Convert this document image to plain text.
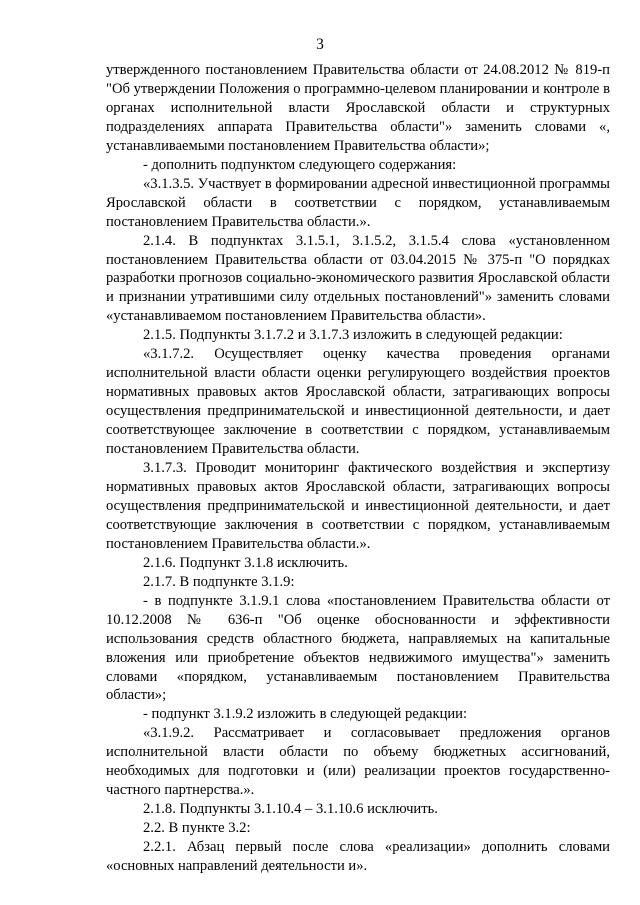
3

утвержденного постановлением Правительства области от 24.08.2012 № 819-п "Об утверждении Положения о программно-целевом планировании и контроле в органах исполнительной власти Ярославской области и структурных подразделениях аппарата Правительства области"» заменить словами «, устанавливаемыми постановлением Правительства области»;

- дополнить подпунктом следующего содержания:

«3.1.3.5. Участвует в формировании адресной инвестиционной программы Ярославской области в соответствии с порядком, устанавливаемым постановлением Правительства области.».

2.1.4. В подпунктах 3.1.5.1, 3.1.5.2, 3.1.5.4 слова «установленном постановлением Правительства области от 03.04.2015 № 375-п "О порядках разработки прогнозов социально-экономического развития Ярославской области и признании утратившими силу отдельных постановлений"» заменить словами «устанавливаемом постановлением Правительства области».

2.1.5. Подпункты 3.1.7.2 и 3.1.7.3 изложить в следующей редакции:

«3.1.7.2. Осуществляет оценку качества проведения органами исполнительной власти области оценки регулирующего воздействия проектов нормативных правовых актов Ярославской области, затрагивающих вопросы осуществления предпринимательской и инвестиционной деятельности, и дает соответствующее заключение в соответствии с порядком, устанавливаемым постановлением Правительства области.

3.1.7.3. Проводит мониторинг фактического воздействия и экспертизу нормативных правовых актов Ярославской области, затрагивающих вопросы осуществления предпринимательской и инвестиционной деятельности, и дает соответствующие заключения в соответствии с порядком, устанавливаемым постановлением Правительства области.».

2.1.6. Подпункт 3.1.8 исключить.

2.1.7. В подпункте 3.1.9:

- в подпункте 3.1.9.1 слова «постановлением Правительства области от 10.12.2008 № 636-п "Об оценке обоснованности и эффективности использования средств областного бюджета, направляемых на капитальные вложения или приобретение объектов недвижимого имущества"» заменить словами «порядком, устанавливаемым постановлением Правительства области»;

- подпункт 3.1.9.2 изложить в следующей редакции:

«3.1.9.2. Рассматривает и согласовывает предложения органов исполнительной власти области по объему бюджетных ассигнований, необходимых для подготовки и (или) реализации проектов государственно-частного партнерства.».

2.1.8. Подпункты 3.1.10.4 – 3.1.10.6 исключить.

2.2. В пункте 3.2:

2.2.1. Абзац первый после слова «реализации» дополнить словами «основных направлений деятельности и».
